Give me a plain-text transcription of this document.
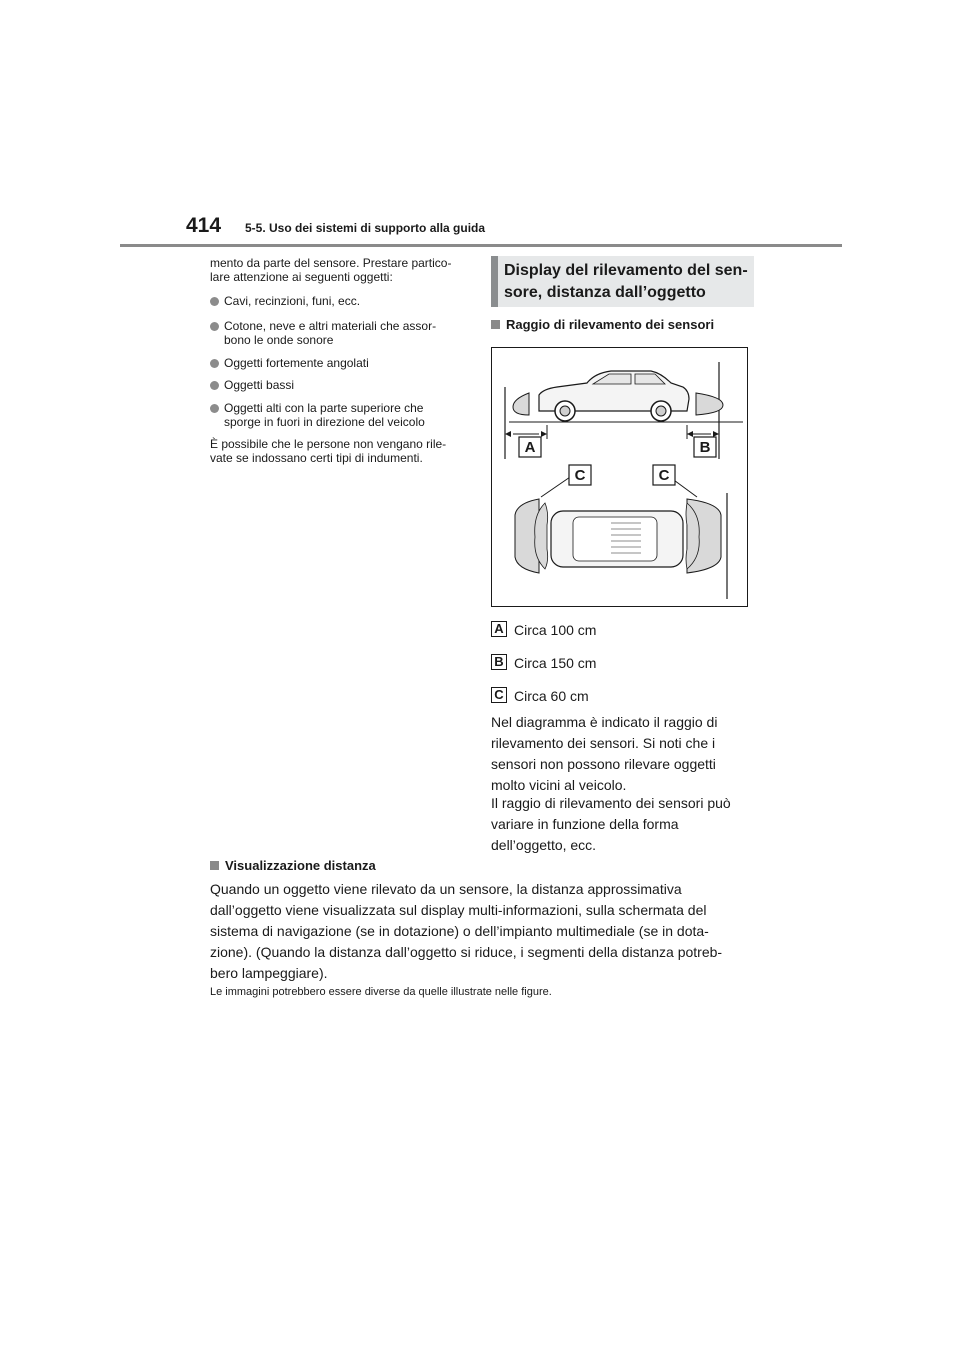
414 5-5. Uso dei sistemi di supporto alla guida
mento da parte del sensore. Prestare partico-
lare attenzione ai seguenti oggetti:
Cavi, recinzioni, funi, ecc.
Cotone, neve e altri materiali che assor-
bono le onde sonore
Oggetti fortemente angolati
Oggetti bassi
Oggetti alti con la parte superiore che
sporge in fuori in direzione del veicolo
È possibile che le persone non vengano rile-
vate se indossano certi tipi di indumenti.
Display del rilevamento del sen-
sore, distanza dall’oggetto
Raggio di rilevamento dei sensori
A	B
C	C
A Circa 100 cm
B Circa 150 cm
C Circa 60 cm
Nel diagramma è indicato il raggio di
rilevamento dei sensori. Si noti che i
sensori non possono rilevare oggetti
molto vicini al veicolo.
Il raggio di rilevamento dei sensori può
variare in funzione della forma
dell’oggetto, ecc.
Visualizzazione distanza
Quando un oggetto viene rilevato da un sensore, la distanza approssimativa
dall’oggetto viene visualizzata sul display multi-informazioni, sulla schermata del
sistema di navigazione (se in dotazione) o dell’impianto multimediale (se in dota-
zione). (Quando la distanza dall’oggetto si riduce, i segmenti della distanza potreb-
bero lampeggiare).
Le immagini potrebbero essere diverse da quelle illustrate nelle figure.
